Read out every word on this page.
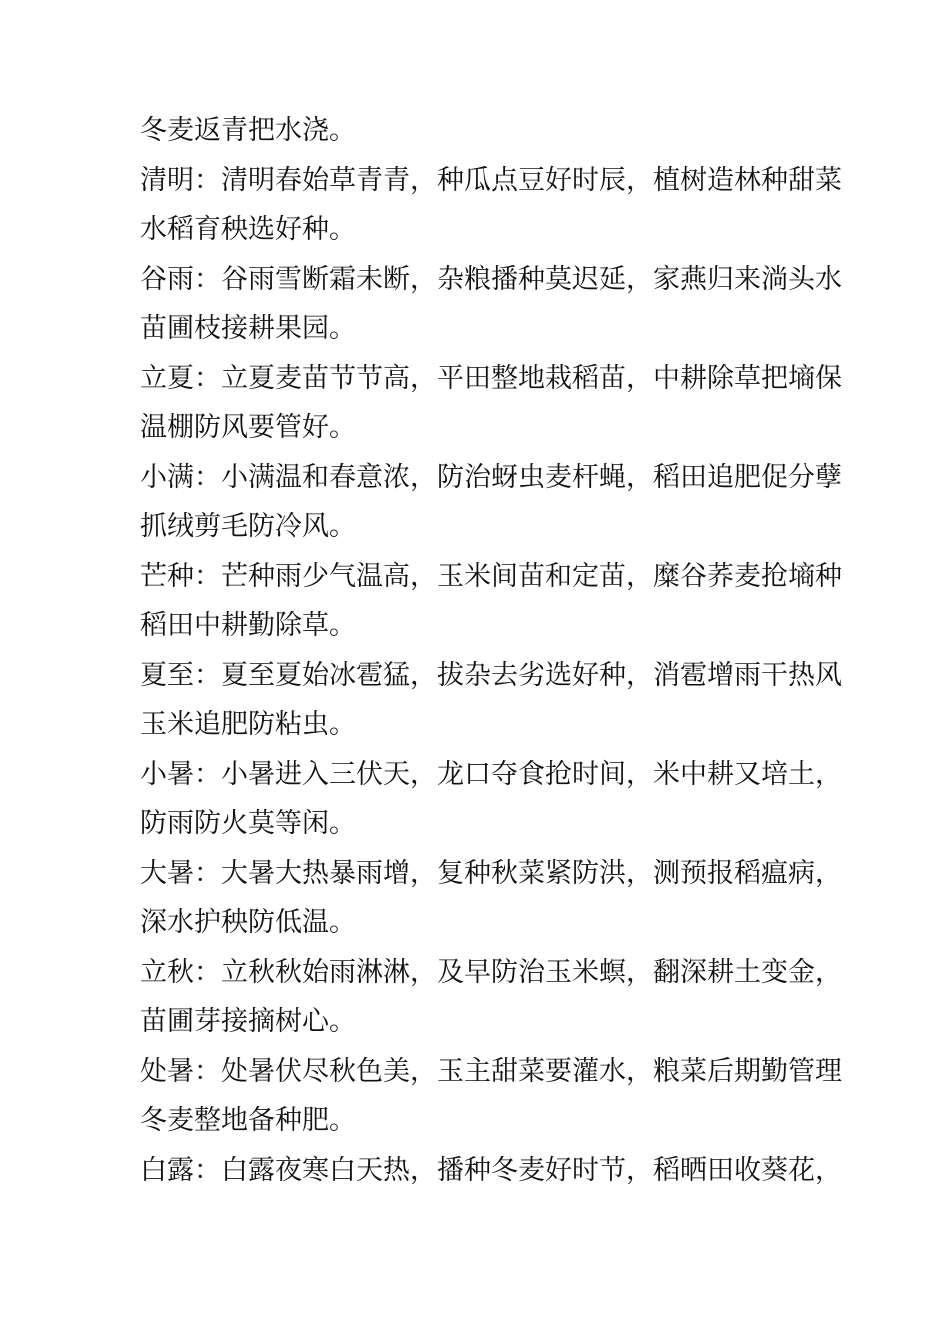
冬麦返青把水浇。
清明：清明春始草青青，种瓜点豆好时辰，植树造林种甜菜
水稻育秧选好种。
谷雨：谷雨雪断霜未断，杂粮播种莫迟延，家燕归来淌头水
苗圃枝接耕果园。
立夏：立夏麦苗节节高，平田整地栽稻苗，中耕除草把墒保
温棚防风要管好。
小满：小满温和春意浓，防治蚜虫麦杆蝇，稻田追肥促分孽
抓绒剪毛防冷风。
芒种：芒种雨少气温高，玉米间苗和定苗，糜谷荞麦抢墒种
稻田中耕勤除草。
夏至：夏至夏始冰雹猛，拔杂去劣选好种，消雹增雨干热风
玉米追肥防粘虫。
小暑：小暑进入三伏天，龙口夺食抢时间，米中耕又培土，
防雨防火莫等闲。
大暑：大暑大热暴雨增，复种秋菜紧防洪，测预报稻瘟病，
深水护秧防低温。
立秋：立秋秋始雨淋淋，及早防治玉米螟，翻深耕土变金，
苗圃芽接摘树心。
处暑：处暑伏尽秋色美，玉主甜菜要灌水，粮菜后期勤管理
冬麦整地备种肥。
白露：白露夜寒白天热，播种冬麦好时节，稻晒田收葵花，
